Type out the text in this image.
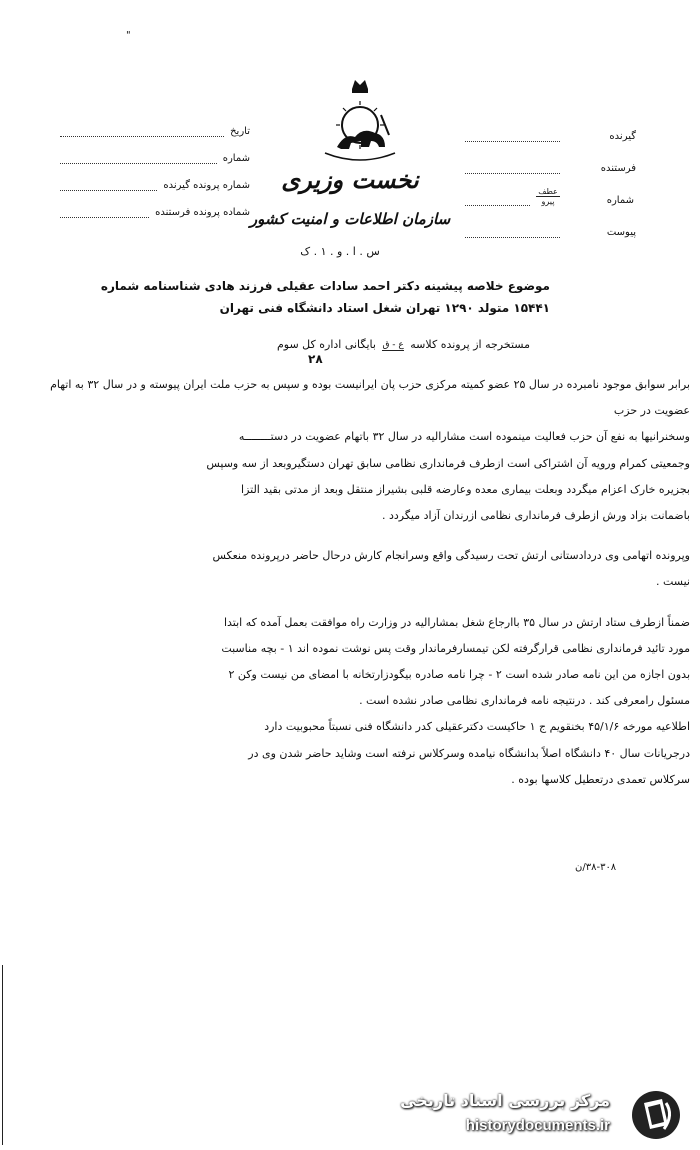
"
تاریخ
شماره
شماره پرونده گیرنده
شماده پرونده فرستنده
نخست وزیری
سازمان اطلاعات و امنیت کشور
س . ا . و . ۱ . ک
گیرنده
فرستنده
شماره
$\frac{\text{عطف}}{\text{پیرو}}$
پیوست
موضوع خلاصه پیشینه دکتر احمد سادات عقیلی فرزند هادی شناسنامه شماره
۱۵۴۴۱ متولد ۱۲۹۰ تهران شغل استاد دانشگاه فنی تهران
مستخرجه از پرونده کلاسه
ع - ق
بایگانی اداره کل سوم
۲۸

برابر سوابق موجود نامبرده در سال ۲۵ عضو کمیته مرکزی حزب پان ایرانیست بوده و سپس به حزب ملت ایران پیوسته و در سال ۳۲ به اتهام عضویت در حزب

وسخنرانیها به نفع آن حزب فعالیت مینموده است مشارالیه در سال ۳۲ باتهام عضویت در دستــــــــه

وجمعیتی کمرام ورویه آن اشتراکی است ازطرف فرمانداری نظامی سابق تهران دستگیروبعد از سه وسپس

بجزیره خارک اعزام میگردد وبعلت بیماری معده وعارضه قلبی بشیراز منتقل وبعد از مدتی بقید التزا

باضمانت بزاد ورش ازطرف فرمانداری نظامی ازرندان آزاد میگردد .

وپرونده اتهامی وی دردادستانی ارتش تحت رسیدگی واقع وسرانجام کارش درحال حاضر درپرونده منعکس

نیست .

ضمناً ازطرف ستاد ارتش در سال ۳۵ باارجاع شغل بمشارالیه در وزارت راه موافقت بعمل آمده که ابتدا

مورد تائید فرمانداری نظامی قرارگرفته لکن تیمسارفرماندار وقت پس نوشت نموده اند ۱ - بچه مناسبت

بدون اجازه من این نامه صادر شده است ۲ - چرا نامه صادره بیگودزارتخانه با امضای من نیست وکن ۲

مسئول رامعرفی کند . درنتیجه نامه فرمانداری نظامی صادر نشده است .

اطلاعیه مورخه ۴۵/۱/۶ بخنقویم ج ۱ حاکیست دکترعقیلی کدر دانشگاه فنی نسبتاً محبوبیت دارد

درجریانات سال ۴۰ دانشگاه اصلاً بدانشگاه نیامده وسرکلاس نرفته است وشاید حاضر شدن وی در

سرکلاس تعمدی درتعطیل کلاسها بوده .

۳۸-۳۰۸/ن
مرکز بررسی اسناد تاریخی
historydocuments.ir
